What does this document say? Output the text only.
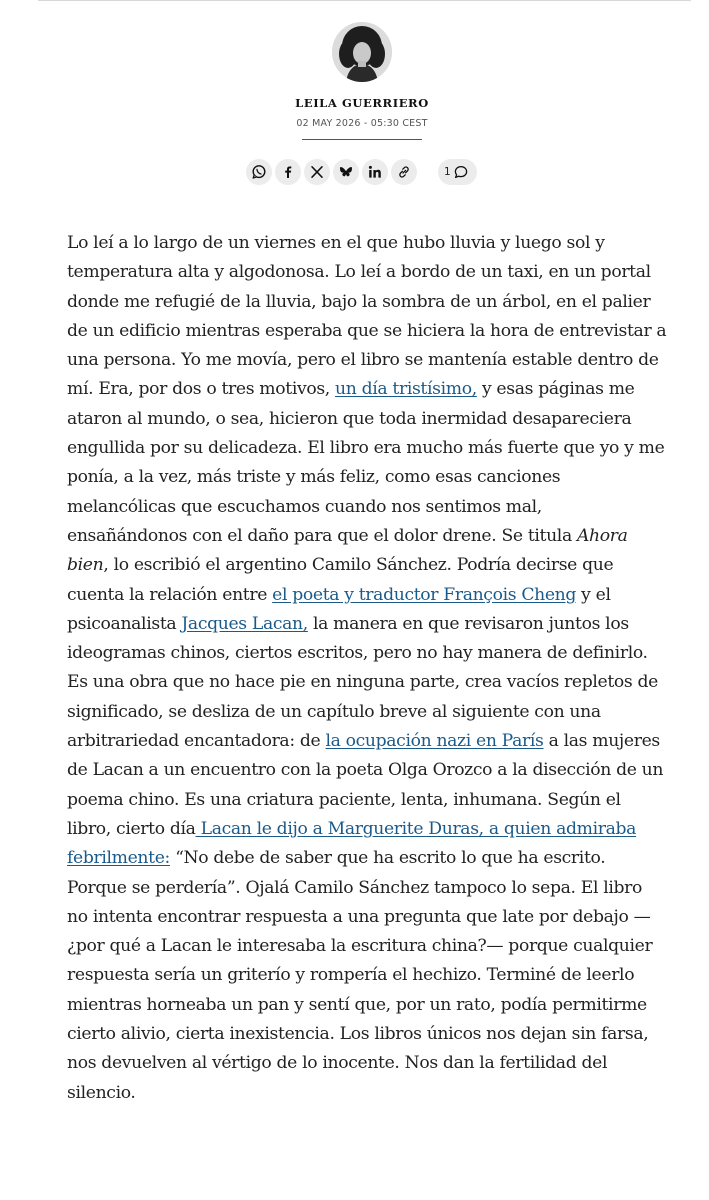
LEILA GUERRIERO
02 MAY 2026 - 05:30 CEST
1

Lo leí a lo largo de un viernes en el que hubo lluvia y luego sol y temperatura alta y algodonosa. Lo leí a bordo de un taxi, en un portal donde me refugié de la lluvia, bajo la sombra de un árbol, en el palier de un edificio mientras esperaba que se hiciera la hora de entrevistar a una persona. Yo me movía, pero el libro se mantenía estable dentro de mí. Era, por dos o tres motivos, un día tristísimo, y esas páginas me ataron al mundo, o sea, hicieron que toda inermidad desapareciera engullida por su delicadeza. El libro era mucho más fuerte que yo y me ponía, a la vez, más triste y más feliz, como esas canciones melancólicas que escuchamos cuando nos sentimos mal, ensañándonos con el daño para que el dolor drene. Se titula Ahora bien, lo escribió el argentino Camilo Sánchez. Podría decirse que cuenta la relación entre el poeta y traductor François Cheng y el psicoanalista Jacques Lacan, la manera en que revisaron juntos los ideogramas chinos, ciertos escritos, pero no hay manera de definirlo. Es una obra que no hace pie en ninguna parte, crea vacíos repletos de significado, se desliza de un capítulo breve al siguiente con una arbitrariedad encantadora: de la ocupación nazi en París a las mujeres de Lacan a un encuentro con la poeta Olga Orozco a la disección de un poema chino. Es una criatura paciente, lenta, inhumana. Según el libro, cierto día Lacan le dijo a Marguerite Duras, a quien admiraba febrilmente: “No debe de saber que ha escrito lo que ha escrito. Porque se perdería”. Ojalá Camilo Sánchez tampoco lo sepa. El libro no intenta encontrar respuesta a una pregunta que late por debajo —¿por qué a Lacan le interesaba la escritura china?— porque cualquier respuesta sería un griterío y rompería el hechizo. Terminé de leerlo mientras horneaba un pan y sentí que, por un rato, podía permitirme cierto alivio, cierta inexistencia. Los libros únicos nos dejan sin farsa, nos devuelven al vértigo de lo inocente. Nos dan la fertilidad del silencio.
